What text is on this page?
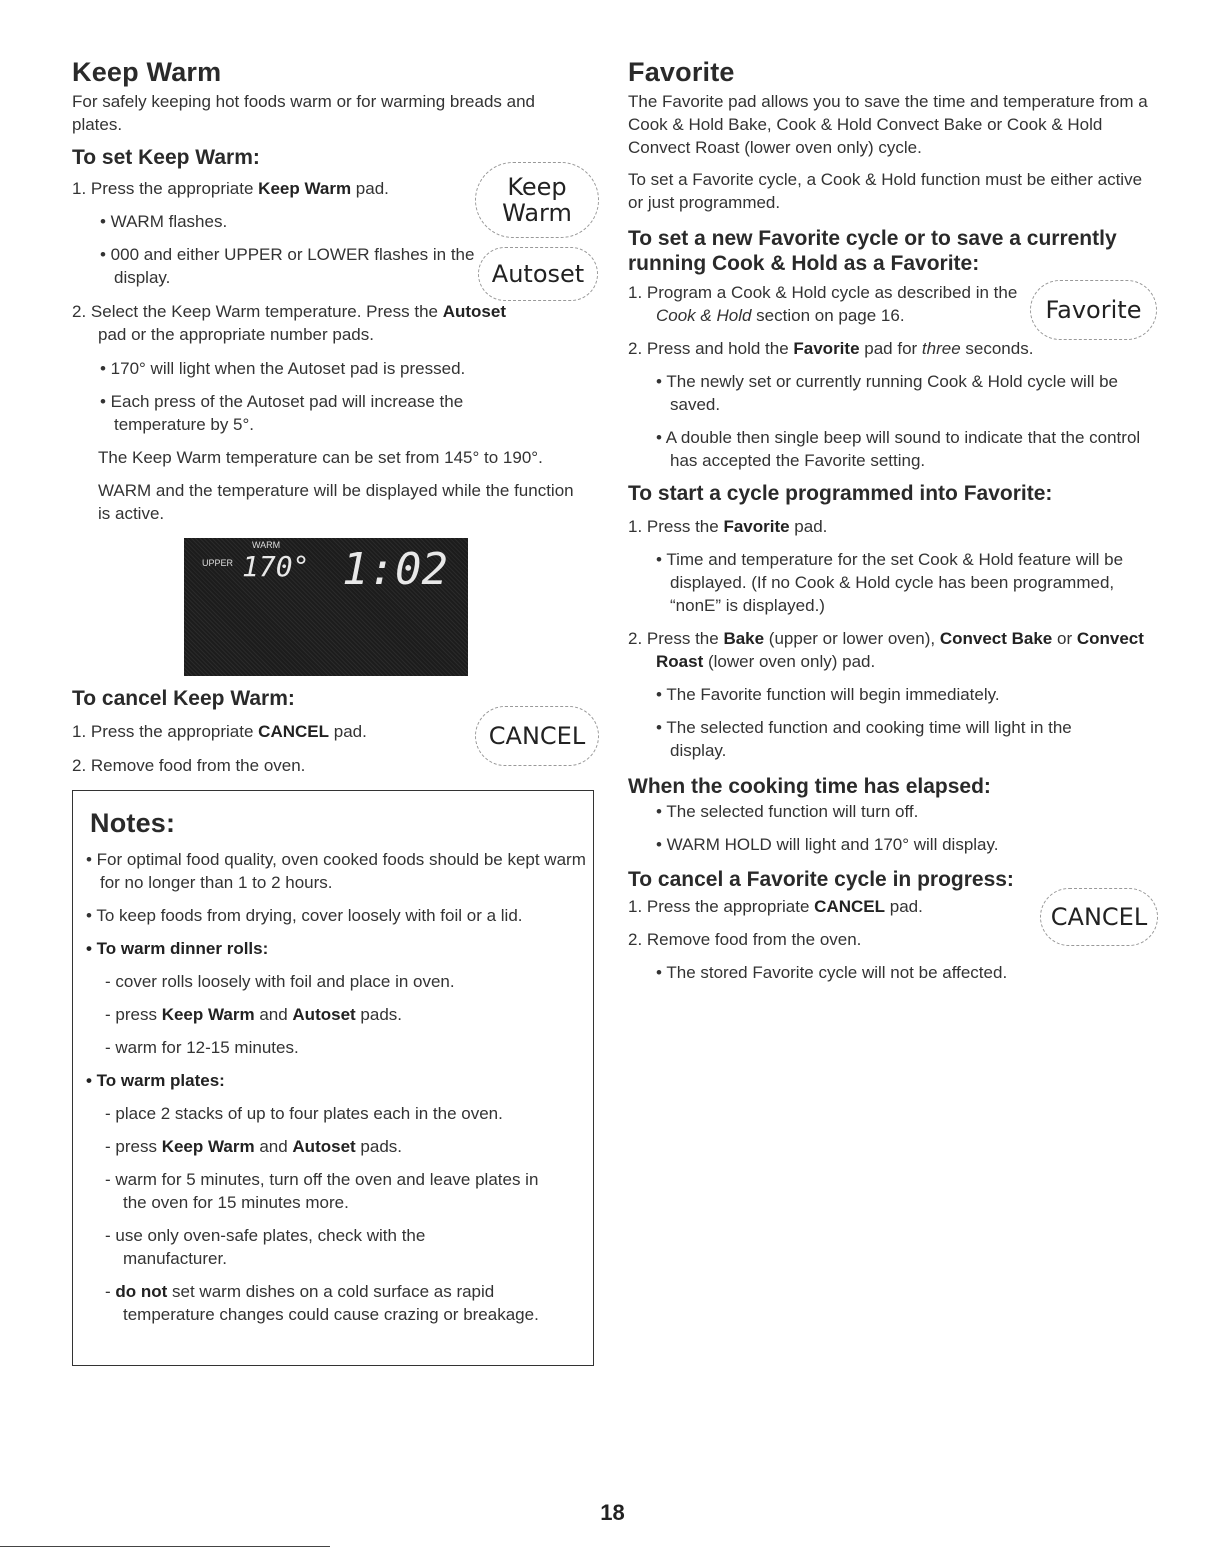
Keep Warm

For safely keeping hot foods warm or for warming breads and plates.

To set Keep Warm:

1. Press the appropriate Keep Warm pad.

• WARM flashes.

• 000 and either UPPER or LOWER flashes in the display.

Keep
Warm
Autoset

2. Select the Keep Warm temperature. Press the Autoset pad or the appropriate number pads.

• 170° will light when the Autoset pad is pressed.

• Each press of the Autoset pad will increase the temperature by 5°.

The Keep Warm temperature can be set from 145° to 190°.

WARM and the temperature will be displayed while the function is active.

WARM
UPPER 170° 1:02
To cancel Keep Warm:

1. Press the appropriate CANCEL pad.

2. Remove food from the oven.

CANCEL
Notes:

• For optimal food quality, oven cooked foods should be kept warm for no longer than 1 to 2 hours.

• To keep foods from drying, cover loosely with foil or a lid.

• To warm dinner rolls:

- cover rolls loosely with foil and place in oven.

- press Keep Warm and Autoset pads.

- warm for 12-15 minutes.

• To warm plates:

- place 2 stacks of up to four plates each in the oven.

- press Keep Warm and Autoset pads.

- warm for 5 minutes, turn off the oven and leave plates in the oven for 15 minutes more.

- use only oven-safe plates, check with the manufacturer.

- do not set warm dishes on a cold surface as rapid temperature changes could cause crazing or breakage.

Favorite

The Favorite pad allows you to save the time and temperature from a Cook & Hold Bake, Cook & Hold Convect Bake or Cook & Hold Convect Roast (lower oven only) cycle.

To set a Favorite cycle, a Cook & Hold function must be either active or just programmed.

To set a new Favorite cycle or to save a currently running Cook & Hold as a Favorite:

1. Program a Cook & Hold cycle as described in the Cook & Hold section on page 16.	Favorite

2. Press and hold the Favorite pad for three seconds.

• The newly set or currently running Cook & Hold cycle will be saved.

• A double then single beep will sound to indicate that the control has accepted the Favorite setting.

To start a cycle programmed into Favorite:

1. Press the Favorite pad.

• Time and temperature for the set Cook & Hold feature will be displayed. (If no Cook & Hold cycle has been programmed, “nonE” is displayed.)

2. Press the Bake (upper or lower oven), Convect Bake or Convect Roast (lower oven only) pad.

• The Favorite function will begin immediately.

• The selected function and cooking time will light in the display.

When the cooking time has elapsed:

• The selected function will turn off.

• WARM HOLD will light and 170° will display.

To cancel a Favorite cycle in progress:

1. Press the appropriate CANCEL pad.

2. Remove food from the oven.

• The stored Favorite cycle will not be affected.

CANCEL
18
